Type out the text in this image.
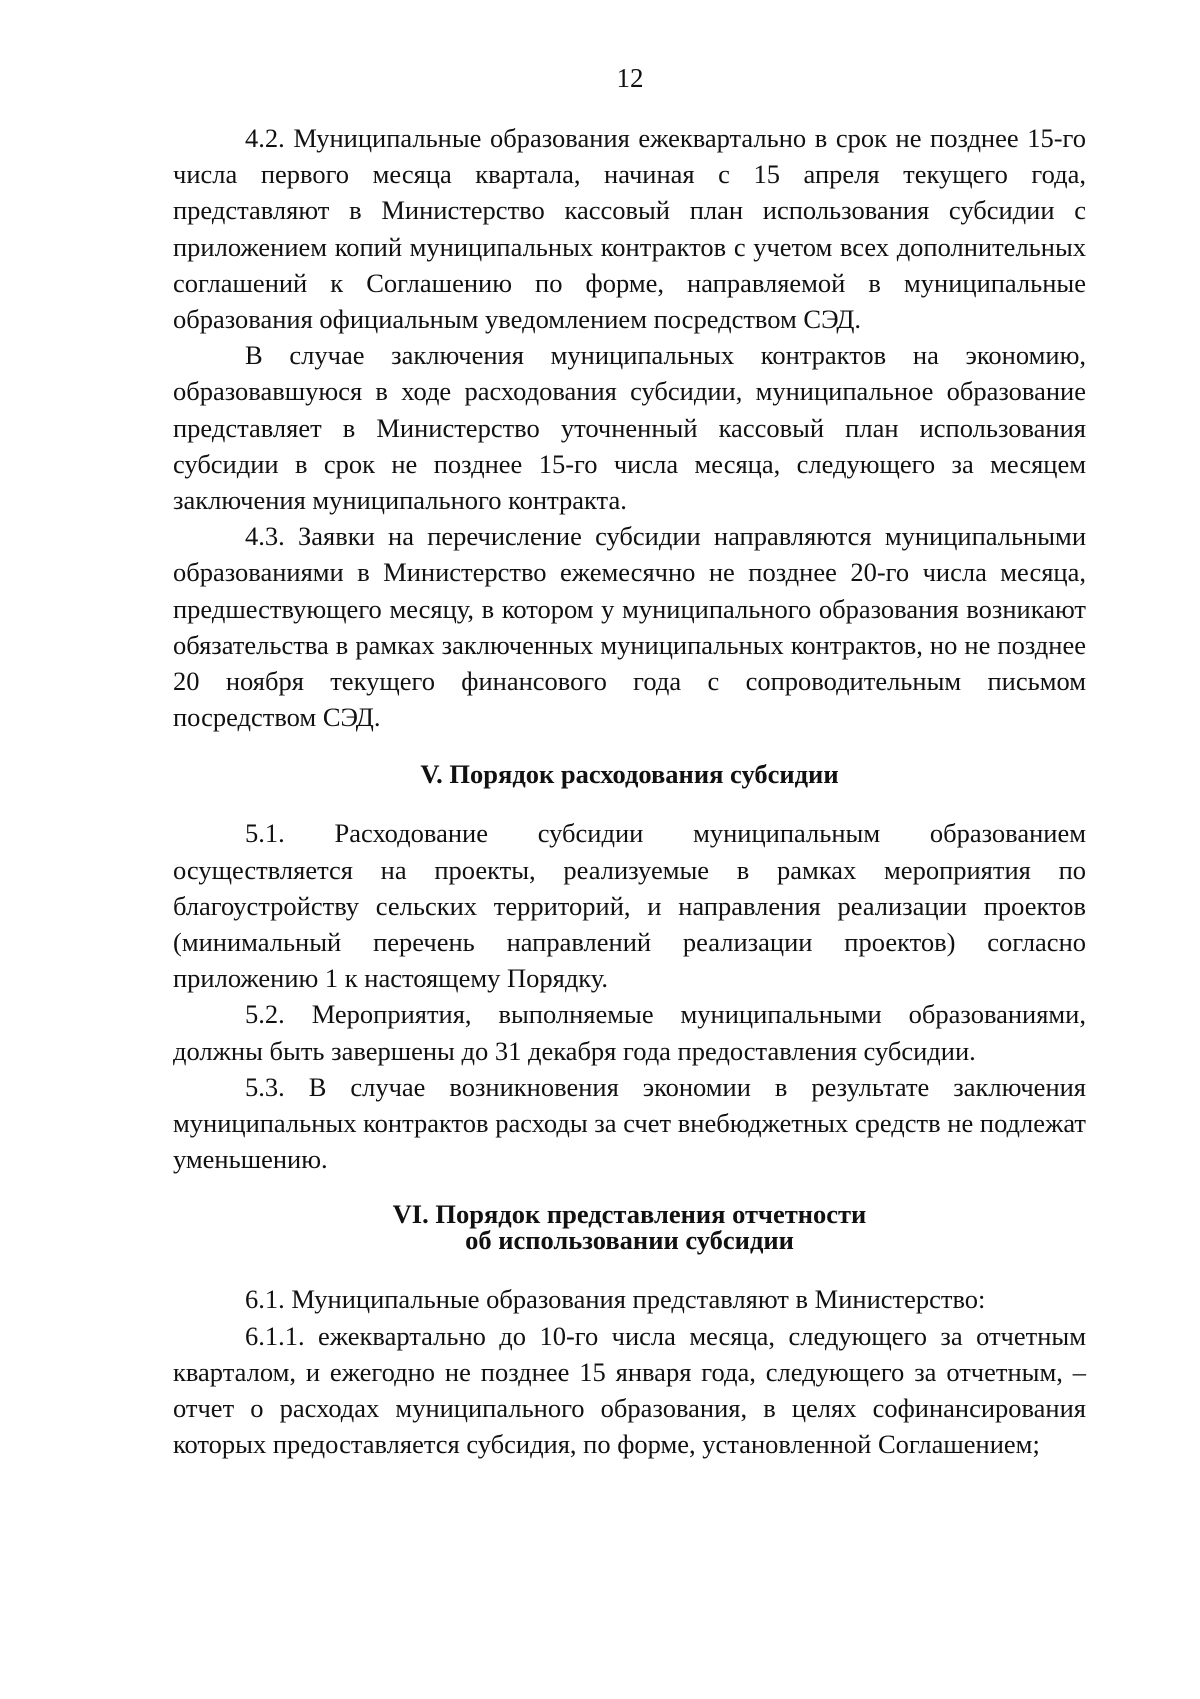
12

4.2. Муниципальные образования ежеквартально в срок не позднее 15-го числа первого месяца квартала, начиная с 15 апреля текущего года, представляют в Министерство кассовый план использования субсидии с приложением копий муниципальных контрактов с учетом всех дополнительных соглашений к Соглашению по форме, направляемой в муниципальные образования официальным уведомлением посредством СЭД.

В случае заключения муниципальных контрактов на экономию, образовавшуюся в ходе расходования субсидии, муниципальное образование представляет в Министерство уточненный кассовый план использования субсидии в срок не позднее 15-го числа месяца, следующего за месяцем заключения муниципального контракта.

4.3. Заявки на перечисление субсидии направляются муниципальными образованиями в Министерство ежемесячно не позднее 20-го числа месяца, предшествующего месяцу, в котором у муниципального образования возникают обязательства в рамках заключенных муниципальных контрактов, но не позднее 20 ноября текущего финансового года с сопроводительным письмом посредством СЭД.

V. Порядок расходования субсидии

5.1. Расходование субсидии муниципальным образованием осуществляется на проекты, реализуемые в рамках мероприятия по благоустройству сельских территорий, и направления реализации проектов (минимальный перечень направлений реализации проектов) согласно приложению 1 к настоящему Порядку.

5.2. Мероприятия, выполняемые муниципальными образованиями, должны быть завершены до 31 декабря года предоставления субсидии.

5.3. В случае возникновения экономии в результате заключения муниципальных контрактов расходы за счет внебюджетных средств не подлежат уменьшению.

VI. Порядок представления отчетности
об использовании субсидии

6.1. Муниципальные образования представляют в Министерство:

6.1.1. ежеквартально до 10-го числа месяца, следующего за отчетным кварталом, и ежегодно не позднее 15 января года, следующего за отчетным, – отчет о расходах муниципального образования, в целях софинансирования которых предоставляется субсидия, по форме, установленной Соглашением;
